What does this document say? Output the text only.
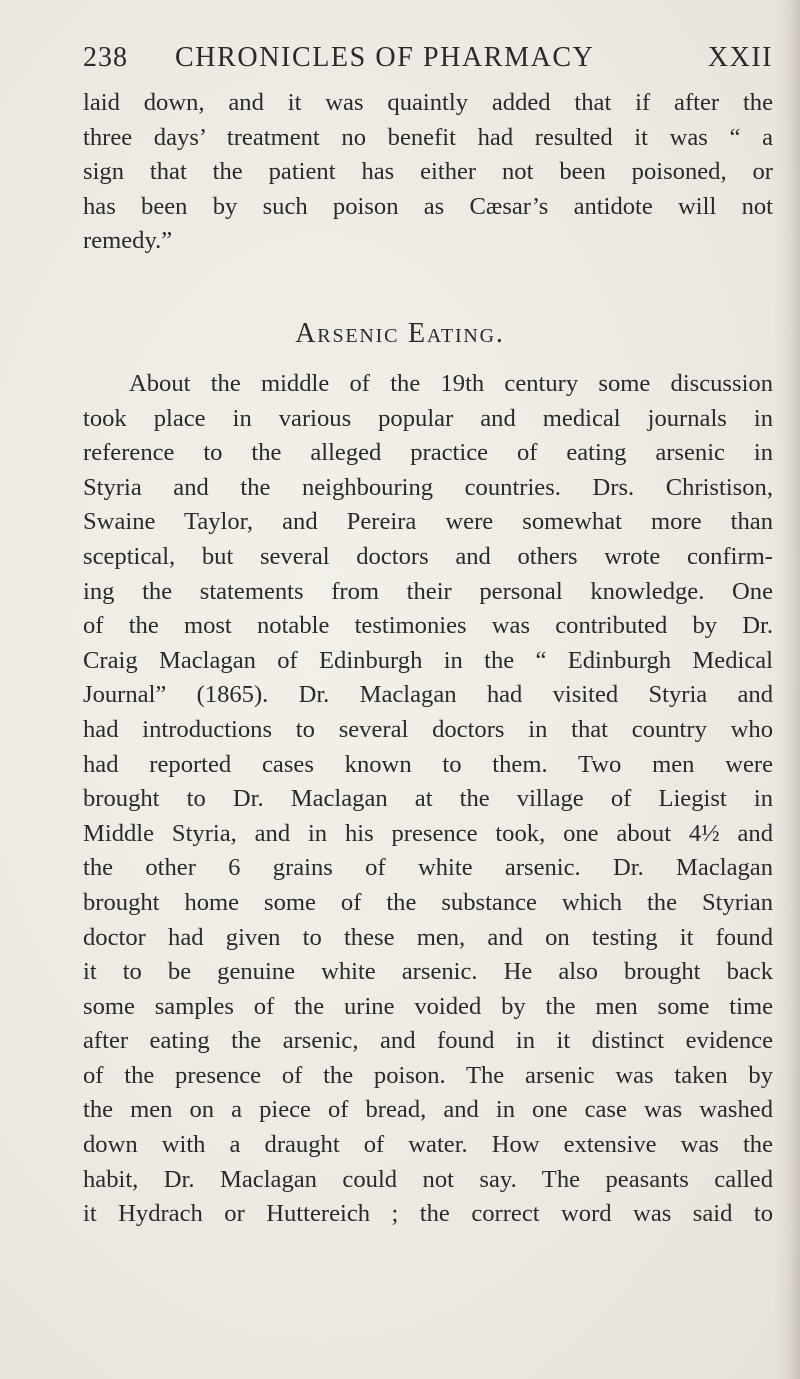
238 CHRONICLES OF PHARMACY	XXII
laid down, and it was quaintly added that if after the
three days’ treatment no benefit had resulted it was “ a
sign that the patient has either not been poisoned, or
has been by such poison as Cæsar’s antidote will not
remedy.”
Arsenic Eating.
About the middle of the 19th century some discussion
took place in various popular and medical journals in
reference to the alleged practice of eating arsenic in
Styria and the neighbouring countries. Drs. Christison,
Swaine Taylor, and Pereira were somewhat more than
sceptical, but several doctors and others wrote confirm-
ing the statements from their personal knowledge. One
of the most notable testimonies was contributed by Dr.
Craig Maclagan of Edinburgh in the “ Edinburgh Medical
Journal” (1865). Dr. Maclagan had visited Styria and
had introductions to several doctors in that country who
had reported cases known to them. Two men were
brought to Dr. Maclagan at the village of Liegist in
Middle Styria, and in his presence took, one about 4½ and
the other 6 grains of white arsenic. Dr. Maclagan
brought home some of the substance which the Styrian
doctor had given to these men, and on testing it found
it to be genuine white arsenic. He also brought back
some samples of the urine voided by the men some time
after eating the arsenic, and found in it distinct evidence
of the presence of the poison. The arsenic was taken by
the men on a piece of bread, and in one case was washed
down with a draught of water. How extensive was the
habit, Dr. Maclagan could not say. The peasants called
it Hydrach or Huttereich ; the correct word was said to
